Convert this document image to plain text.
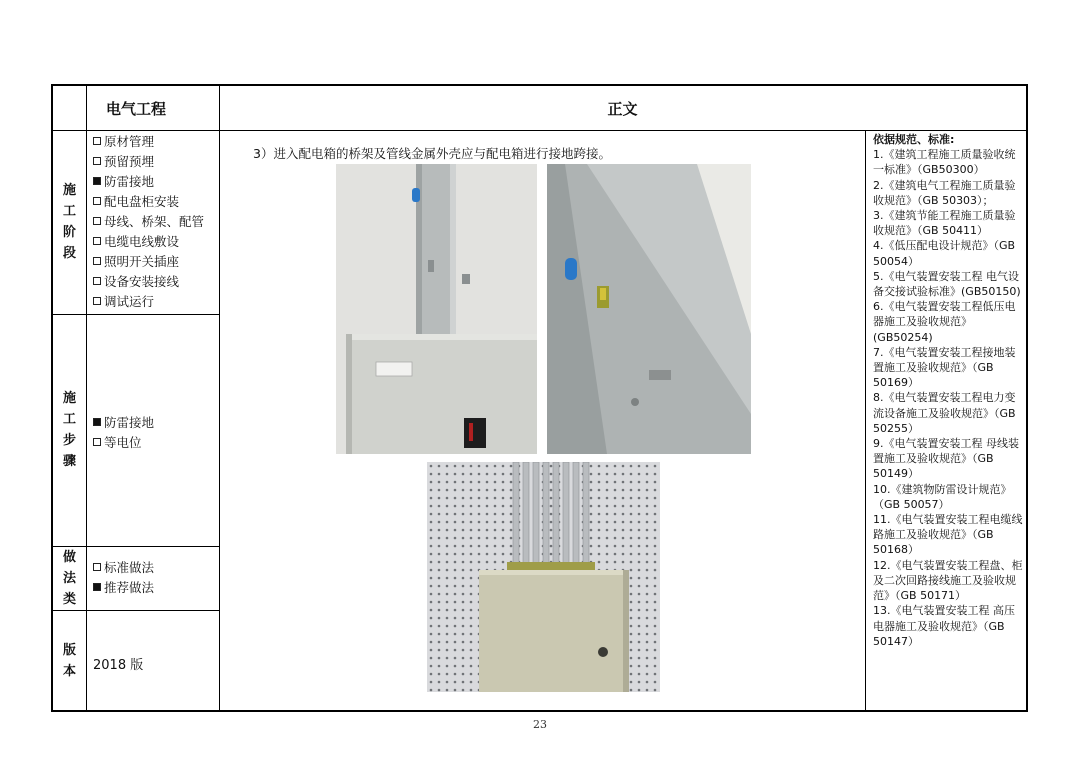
电气工程	正文
施
工
阶
段
原材管理
预留预埋
防雷接地
配电盘柜安装
母线、桥架、配管
电缆电线敷设
照明开关插座
设备安装接线
调试运行
施
工
步
骤
防雷接地
等电位
做
法
类
标准做法
推荐做法
版
本 2018 版
3）进入配电箱的桥架及管线金属外壳应与配电箱进行接地跨接。
依据规范、标准:

1.《建筑工程施工质量验收统一标准》（GB50300）

2.《建筑电气工程施工质量验收规范》（GB 50303）；

3.《建筑节能工程施工质量验收规范》（GB 50411）

4.《低压配电设计规范》（GB 50054）

5.《电气装置安装工程 电气设备交接试验标准》(GB50150)

6.《电气装置安装工程低压电器施工及验收规范》(GB50254)

7.《电气装置安装工程接地装置施工及验收规范》（GB 50169）

8.《电气装置安装工程电力变流设备施工及验收规范》（GB 50255）

9.《电气装置安装工程 母线装置施工及验收规范》（GB 50149）

10.《建筑物防雷设计规范》（GB 50057）

11.《电气装置安装工程电缆线路施工及验收规范》（GB 50168）

12.《电气装置安装工程盘、柜及二次回路接线施工及验收规范》（GB 50171）

13.《电气装置安装工程 高压电器施工及验收规范》（GB 50147）

23
